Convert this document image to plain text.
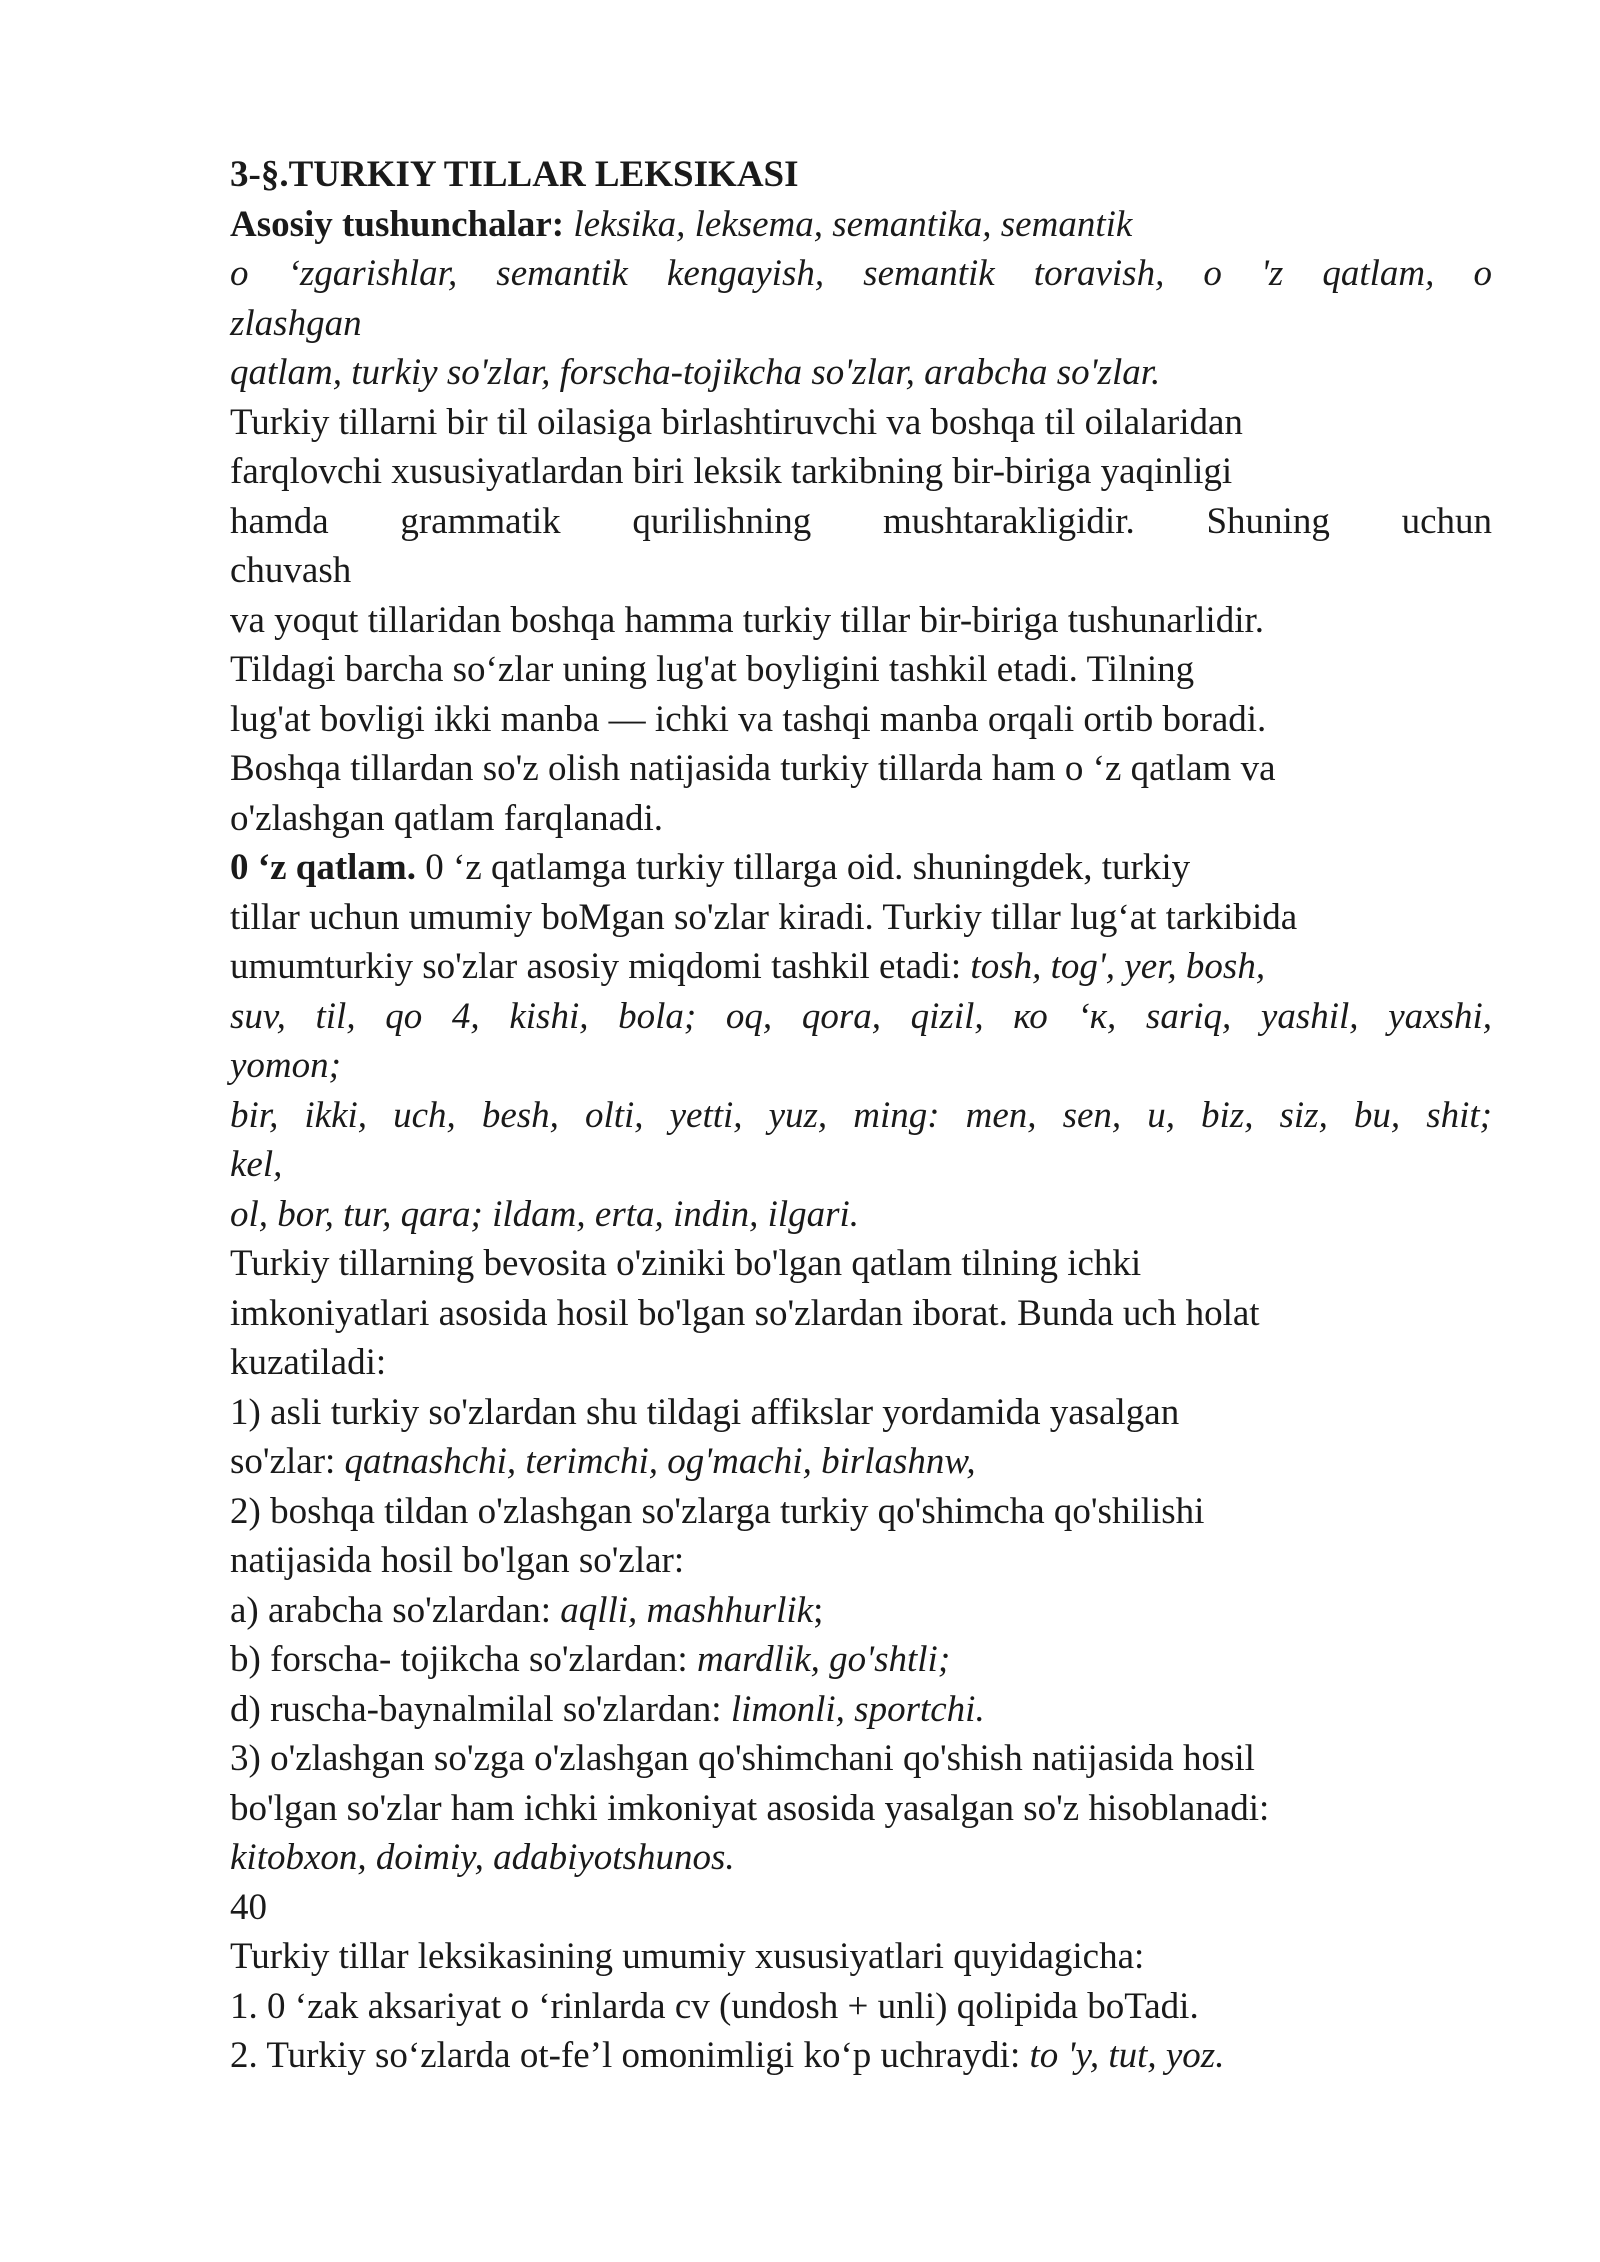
3-§.TURKIY TILLAR LEKSIKASI
Asosiy tushunchalar: leksika, leksema, semantika, semantik
o ‘zgarishlar, semantik kengayish, semantik toravish, o 'z qatlam, o
zlashgan
qatlam, turkiy so'zlar, forscha-tojikcha so'zlar, arabcha so'zlar.
Turkiy tillarni bir til oilasiga birlashtiruvchi va boshqa til oilalaridan
farqlovchi xususiyatlardan biri leksik tarkibning bir-biriga yaqinligi
hamda grammatik qurilishning mushtarakligidir. Shuning uchun
chuvash
va yoqut tillaridan boshqa hamma turkiy tillar bir-biriga tushunarlidir.
Tildagi barcha so‘zlar uning lug'at boyligini tashkil etadi. Tilning
lug'at bovligi ikki manba — ichki va tashqi manba orqali ortib boradi.
Boshqa tillardan so'z olish natijasida turkiy tillarda ham o ‘z qatlam va
o'zlashgan qatlam farqlanadi.
0 ‘z qatlam. 0 ‘z qatlamga turkiy tillarga oid. shuningdek, turkiy
tillar uchun umumiy boMgan so'zlar kiradi. Turkiy tillar lug‘at tarkibida
umumturkiy so'zlar asosiy miqdomi tashkil etadi: tosh, tog', yer, bosh,
suv, til, qo 4, kishi, bola; oq, qora, qizil, ко ‘к, sariq, yashil, yaxshi,
yomon;
bir, ikki, uch, besh, olti, yetti, yuz, ming: men, sen, u, biz, siz, bu, shit;
kel,
ol, bor, tur, qara; ildam, erta, indin, ilgari.
Turkiy tillarning bevosita o'ziniki bo'lgan qatlam tilning ichki
imkoniyatlari asosida hosil bo'lgan so'zlardan iborat. Bunda uch holat
kuzatiladi:
1) asli turkiy so'zlardan shu tildagi affikslar yordamida yasalgan
so'zlar: qatnashchi, terimchi, og'machi, birlashnw,
2) boshqa tildan o'zlashgan so'zlarga turkiy qo'shimcha qo'shilishi
natijasida hosil bo'lgan so'zlar:
a) arabcha so'zlardan: aqlli, mashhurlik;
b) forscha- tojikcha so'zlardan: mardlik, go'shtli;
d) ruscha-baynalmilal so'zlardan: limonli, sportchi.
3) o'zlashgan so'zga o'zlashgan qo'shimchani qo'shish natijasida hosil
bo'lgan so'zlar ham ichki imkoniyat asosida yasalgan so'z hisoblanadi:
kitobxon, doimiy, adabiyotshunos.
40
Turkiy tillar leksikasining umumiy xususiyatlari quyidagicha:
1. 0 ‘zak aksariyat o ‘rinlarda cv (undosh + unli) qolipida boTadi.
2. Turkiy so‘zlarda ot-fe’l omonimligi ko‘p uchraydi: to 'y, tut, yoz.
